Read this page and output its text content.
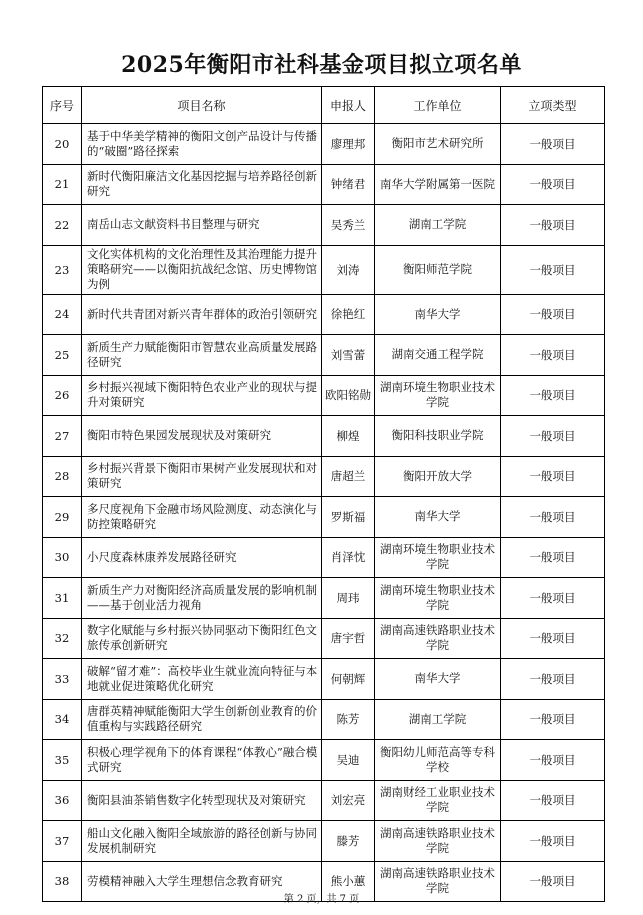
2025年衡阳市社科基金项目拟立项名单
序号	项目名称	申报人	工作单位	立项类型
20	基于中华美学精神的衡阳文创产品设计与传播的“破圈”路径探索	廖理邦	衡阳市艺术研究所	一般项目
21	新时代衡阳廉洁文化基因挖掘与培养路径创新研究	钟绪君	南华大学附属第一医院	一般项目
22	南岳山志文献资料书目整理与研究	吴秀兰	湖南工学院	一般项目
23	文化实体机构的文化治理性及其治理能力提升策略研究——以衡阳抗战纪念馆、历史博物馆为例	刘涛	衡阳师范学院	一般项目
24	新时代共青团对新兴青年群体的政治引领研究	徐艳红	南华大学	一般项目
25	新质生产力赋能衡阳市智慧农业高质量发展路径研究	刘雪蕾	湖南交通工程学院	一般项目
26	乡村振兴视域下衡阳特色农业产业的现状与提升对策研究	欧阳铭勋	湖南环境生物职业技术学院	一般项目
27	衡阳市特色果园发展现状及对策研究	柳煌	衡阳科技职业学院	一般项目
28	乡村振兴背景下衡阳市果树产业发展现状和对策研究	唐超兰	衡阳开放大学	一般项目
29	多尺度视角下金融市场风险测度、动态演化与防控策略研究	罗斯福	南华大学	一般项目
30	小尺度森林康养发展路径研究	肖泽忱	湖南环境生物职业技术学院	一般项目
31	新质生产力对衡阳经济高质量发展的影响机制——基于创业活力视角	周玮	湖南环境生物职业技术学院	一般项目
32	数字化赋能与乡村振兴协同驱动下衡阳红色文旅传承创新研究	唐宇哲	湖南高速铁路职业技术学院	一般项目
33	破解“留才难”：高校毕业生就业流向特征与本地就业促进策略优化研究	何朝辉	南华大学	一般项目
34	唐群英精神赋能衡阳大学生创新创业教育的价值重构与实践路径研究	陈芳	湖南工学院	一般项目
35	积极心理学视角下的体育课程“体教心”融合模式研究	吴迪	衡阳幼儿师范高等专科学校	一般项目
36	衡阳县油茶销售数字化转型现状及对策研究	刘宏亮	湖南财经工业职业技术学院	一般项目
37	船山文化融入衡阳全域旅游的路径创新与协同发展机制研究	滕芳	湖南高速铁路职业技术学院	一般项目
38	劳模精神融入大学生理想信念教育研究	熊小蕙	湖南高速铁路职业技术学院	一般项目
第 2 页，共 7 页
